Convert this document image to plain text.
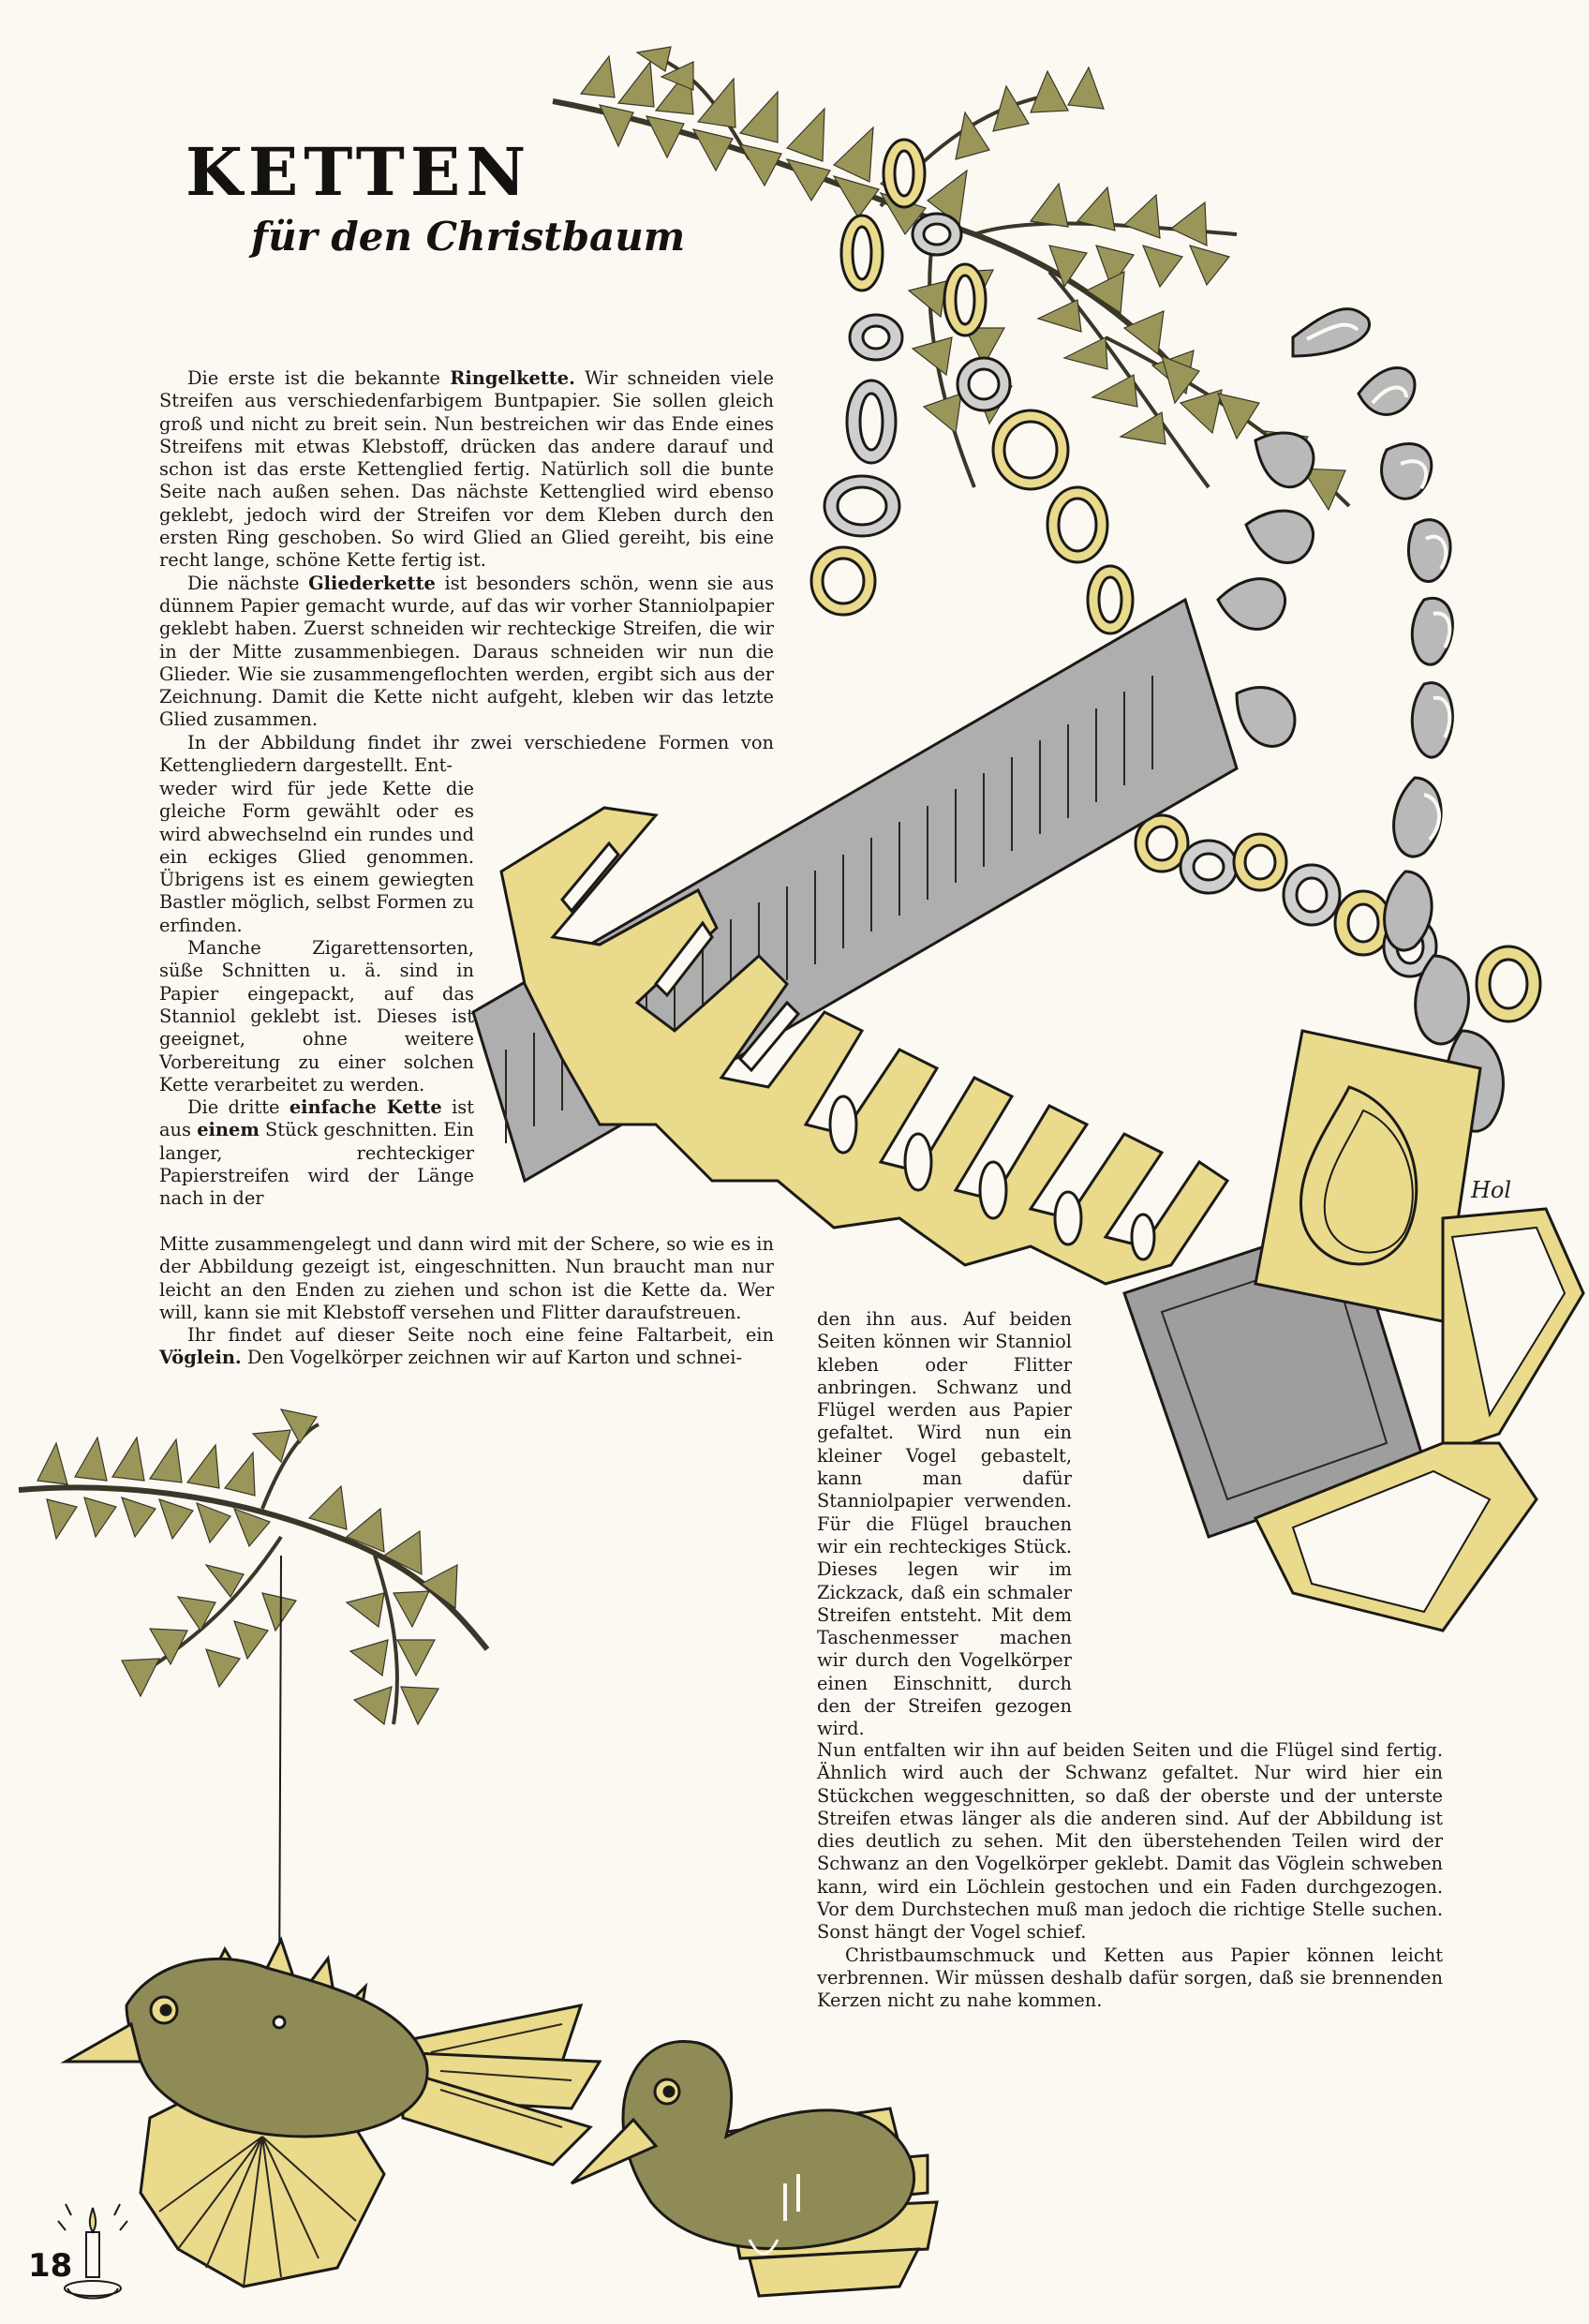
KETTEN
für den Christbaum

Die erste ist die bekannte Ringelkette. Wir schneiden viele Streifen aus verschiedenfarbigem Buntpapier. Sie sollen gleich groß und nicht zu breit sein. Nun bestreichen wir das Ende eines Streifens mit etwas Klebstoff, drücken das andere darauf und schon ist das erste Kettenglied fertig. Natürlich soll die bunte Seite nach außen sehen. Das nächste Kettenglied wird ebenso geklebt, jedoch wird der Streifen vor dem Kleben durch den ersten Ring geschoben. So wird Glied an Glied gereiht, bis eine recht lange, schöne Kette fertig ist.

Die nächste Gliederkette ist besonders schön, wenn sie aus dünnem Papier gemacht wurde, auf das wir vorher Stanniolpapier geklebt haben. Zuerst schneiden wir rechteckige Streifen, die wir in der Mitte zusammenbiegen. Daraus schneiden wir nun die Glieder. Wie sie zusammengeflochten werden, ergibt sich aus der Zeichnung. Damit die Kette nicht aufgeht, kleben wir das letzte Glied zusammen.

In der Abbildung findet ihr zwei verschiedene Formen von Kettengliedern dargestellt. Ent-

weder wird für jede Kette die gleiche Form gewählt oder es wird abwechselnd ein rundes und ein eckiges Glied genommen. Übrigens ist es einem gewiegten Bastler möglich, selbst Formen zu erfinden.

Manche Zigarettensorten, süße Schnitten u. ä. sind in Papier eingepackt, auf das Stanniol geklebt ist. Dieses ist geeignet, ohne weitere Vorbereitung zu einer solchen Kette verarbeitet zu werden.

Die dritte einfache Kette ist aus einem Stück geschnitten. Ein langer, rechteckiger Papierstreifen wird der Länge nach in der

Mitte zusammengelegt und dann wird mit der Schere, so wie es in der Abbildung gezeigt ist, eingeschnitten. Nun braucht man nur leicht an den Enden zu ziehen und schon ist die Kette da. Wer will, kann sie mit Klebstoff versehen und Flitter daraufstreuen.

Ihr findet auf dieser Seite noch eine feine Faltarbeit, ein Vöglein. Den Vogelkörper zeichnen wir auf Karton und schnei-

den ihn aus. Auf beiden Seiten können wir Stanniol kleben oder Flitter anbringen. Schwanz und Flügel werden aus Papier gefaltet. Wird nun ein kleiner Vogel gebastelt, kann man dafür Stanniolpapier verwenden. Für die Flügel brauchen wir ein rechteckiges Stück. Dieses legen wir im Zickzack, daß ein schmaler Streifen entsteht. Mit dem Taschenmesser machen wir durch den Vogelkörper einen Einschnitt, durch den der Streifen gezogen wird.

Nun entfalten wir ihn auf beiden Seiten und die Flügel sind fertig. Ähnlich wird auch der Schwanz gefaltet. Nur wird hier ein Stückchen weggeschnitten, so daß der oberste und der unterste Streifen etwas länger als die anderen sind. Auf der Abbildung ist dies deutlich zu sehen. Mit den überstehenden Teilen wird der Schwanz an den Vogelkörper geklebt. Damit das Vöglein schweben kann, wird ein Löchlein gestochen und ein Faden durchgezogen. Vor dem Durchstechen muß man jedoch die richtige Stelle suchen. Sonst hängt der Vogel schief.

Christbaumschmuck und Ketten aus Papier können leicht verbrennen. Wir müssen deshalb dafür sorgen, daß sie brennenden Kerzen nicht zu nahe kommen.

Hol
18
